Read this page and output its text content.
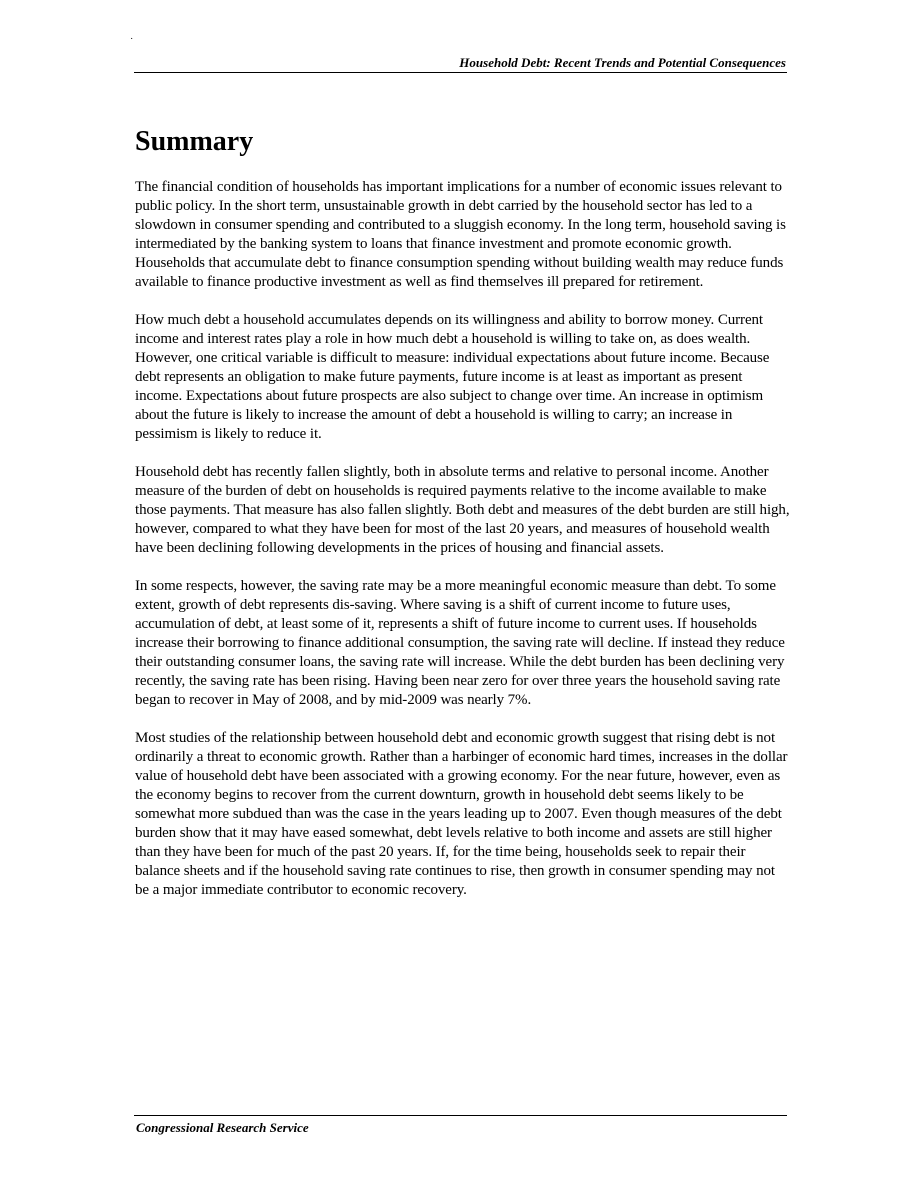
˙
Household Debt: Recent Trends and Potential Consequences
Summary

The financial condition of households has important implications for a number of economic issues relevant to public policy. In the short term, unsustainable growth in debt carried by the household sector has led to a slowdown in consumer spending and contributed to a sluggish economy. In the long term, household saving is intermediated by the banking system to loans that finance investment and promote economic growth. Households that accumulate debt to finance consumption spending without building wealth may reduce funds available to finance productive investment as well as find themselves ill prepared for retirement.

How much debt a household accumulates depends on its willingness and ability to borrow money. Current income and interest rates play a role in how much debt a household is willing to take on, as does wealth. However, one critical variable is difficult to measure: individual expectations about future income. Because debt represents an obligation to make future payments, future income is at least as important as present income. Expectations about future prospects are also subject to change over time. An increase in optimism about the future is likely to increase the amount of debt a household is willing to carry; an increase in pessimism is likely to reduce it.

Household debt has recently fallen slightly, both in absolute terms and relative to personal income. Another measure of the burden of debt on households is required payments relative to the income available to make those payments. That measure has also fallen slightly. Both debt and measures of the debt burden are still high, however, compared to what they have been for most of the last 20 years, and measures of household wealth have been declining following developments in the prices of housing and financial assets.

In some respects, however, the saving rate may be a more meaningful economic measure than debt. To some extent, growth of debt represents dis-saving. Where saving is a shift of current income to future uses, accumulation of debt, at least some of it, represents a shift of future income to current uses. If households increase their borrowing to finance additional consumption, the saving rate will decline. If instead they reduce their outstanding consumer loans, the saving rate will increase. While the debt burden has been declining very recently, the saving rate has been rising. Having been near zero for over three years the household saving rate began to recover in May of 2008, and by mid-2009 was nearly 7%.

Most studies of the relationship between household debt and economic growth suggest that rising debt is not ordinarily a threat to economic growth. Rather than a harbinger of economic hard times, increases in the dollar value of household debt have been associated with a growing economy. For the near future, however, even as the economy begins to recover from the current downturn, growth in household debt seems likely to be somewhat more subdued than was the case in the years leading up to 2007. Even though measures of the debt burden show that it may have eased somewhat, debt levels relative to both income and assets are still higher than they have been for much of the past 20 years. If, for the time being, households seek to repair their balance sheets and if the household saving rate continues to rise, then growth in consumer spending may not be a major immediate contributor to economic recovery.

Congressional Research Service
